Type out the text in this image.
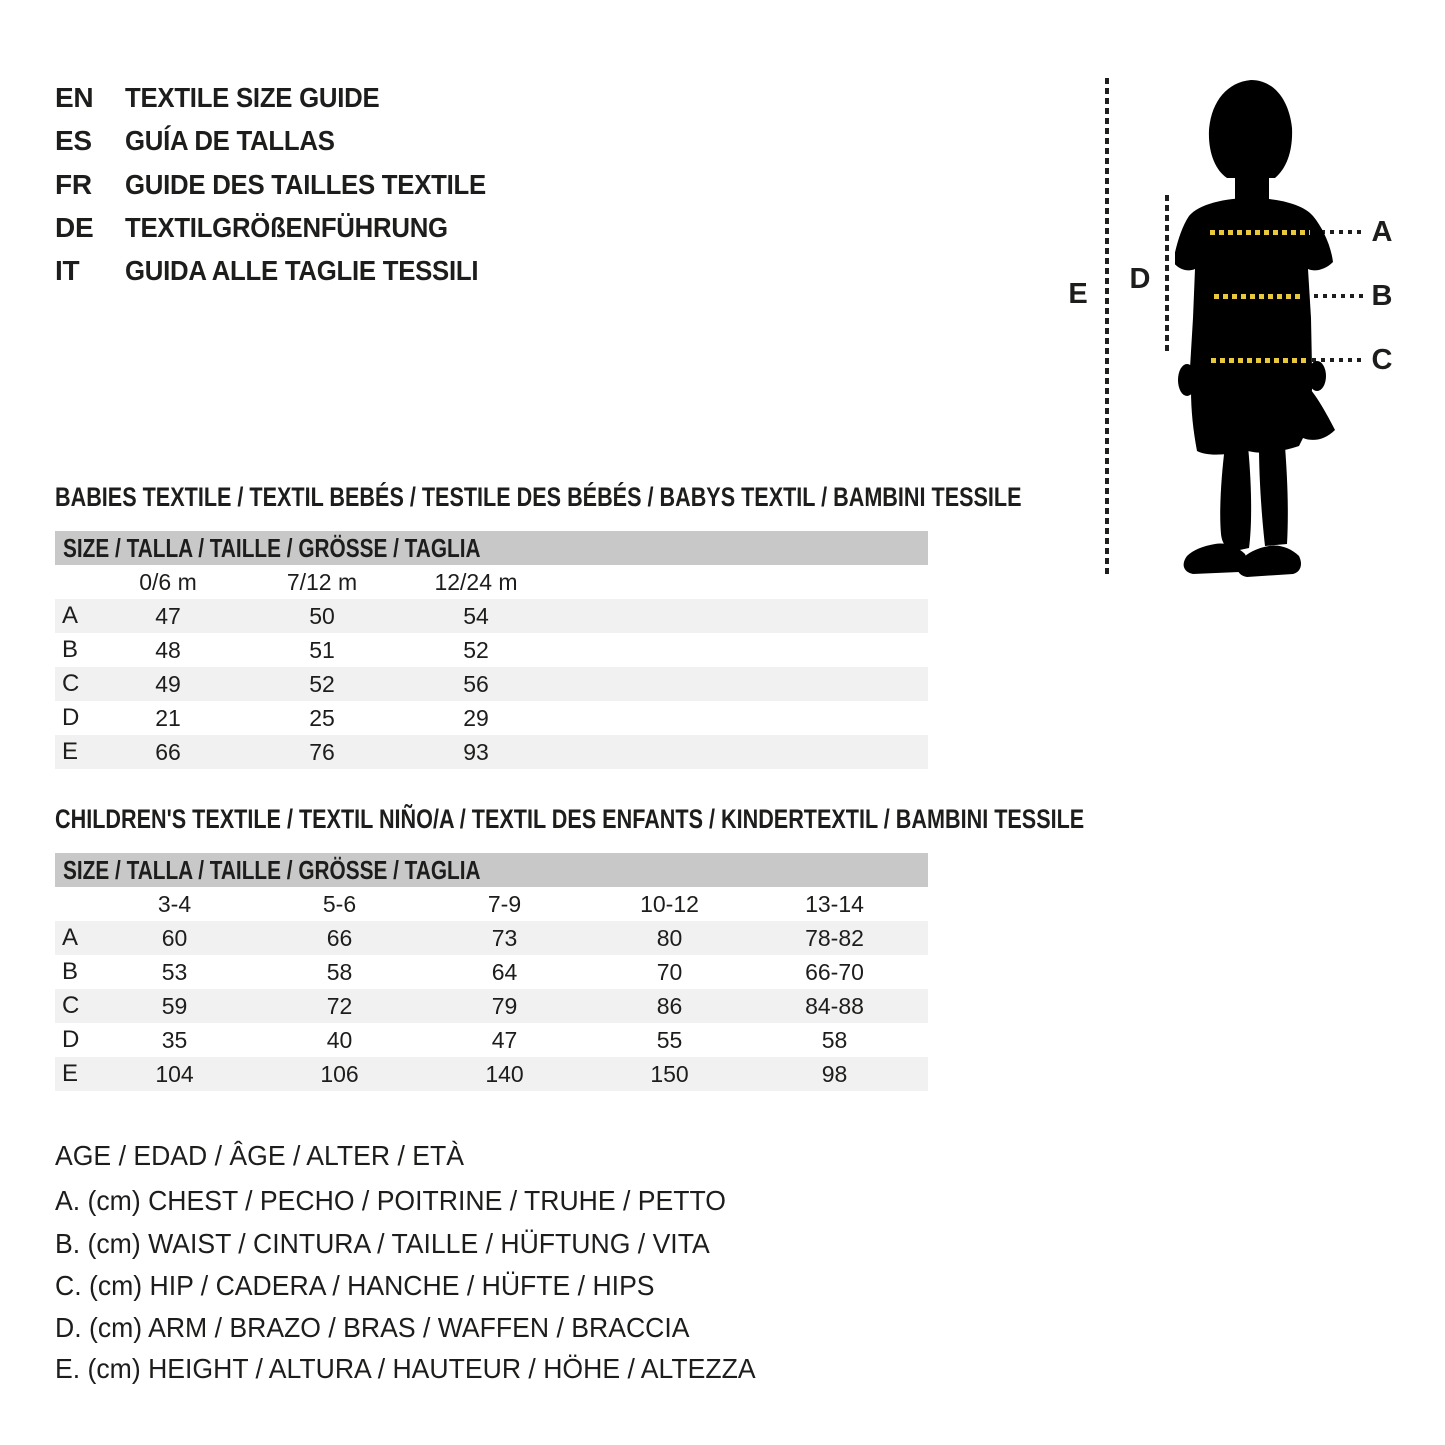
EN	TEXTILE SIZE GUIDE
ES	GUÍA DE TALLAS
FR	GUIDE DES TAILLES TEXTILE
DE	TEXTILGRÖßENFÜHRUNG
IT	GUIDA ALLE TAGLIE TESSILI
E D
A
B
C
BABIES TEXTILE / TEXTIL BEBÉS / TESTILE DES BÉBÉS / BABYS TEXTIL / BAMBINI TESSILE
SIZE / TALLA / TAILLE / GRÖSSE / TAGLIA
0/6 m	7/12 m	12/24 m
A	47	50	54
B	48	51	52
C	49	52	56
D	21	25	29
E	66	76	93
CHILDREN'S TEXTILE / TEXTIL NIÑO/A / TEXTIL DES ENFANTS / KINDERTEXTIL / BAMBINI TESSILE
SIZE / TALLA / TAILLE / GRÖSSE / TAGLIA
3-4	5-6	7-9	10-12	13-14
A	60	66	73	80	78-82
B	53	58	64	70	66-70
C	59	72	79	86	84-88
D	35	40	47	55	58
E	104	106	140	150	98
AGE / EDAD / ÂGE / ALTER / ETÀ
A. (cm) CHEST / PECHO / POITRINE / TRUHE / PETTO
B. (cm) WAIST / CINTURA / TAILLE / HÜFTUNG / VITA
C. (cm) HIP / CADERA / HANCHE / HÜFTE / HIPS
D. (cm) ARM / BRAZO / BRAS / WAFFEN / BRACCIA
E. (cm) HEIGHT / ALTURA / HAUTEUR / HÖHE / ALTEZZA
